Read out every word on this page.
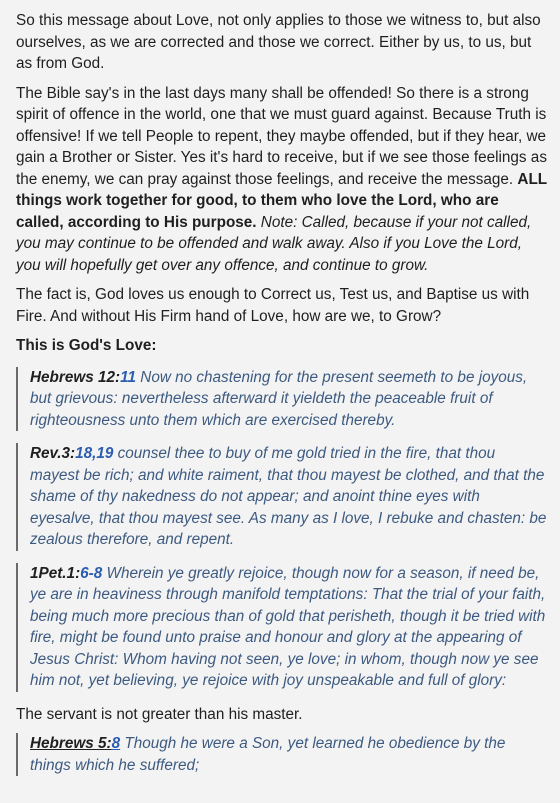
So this message about Love, not only applies to those we witness to, but also ourselves, as we are corrected and those we correct. Either by us, to us, but as from God.

The Bible say's in the last days many shall be offended! So there is a strong spirit of offence in the world, one that we must guard against. Because Truth is offensive! If we tell People to repent, they maybe offended, but if they hear, we gain a Brother or Sister. Yes it's hard to receive, but if we see those feelings as the enemy, we can pray against those feelings, and receive the message. ALL things work together for good, to them who love the Lord, who are called, according to His purpose. Note: Called, because if your not called, you may continue to be offended and walk away. Also if you Love the Lord, you will hopefully get over any offence, and continue to grow.

The fact is, God loves us enough to Correct us, Test us, and Baptise us with Fire. And without His Firm hand of Love, how are we, to Grow?

This is God's Love:

Hebrews 12:11 Now no chastening for the present seemeth to be joyous, but grievous: nevertheless afterward it yieldeth the peaceable fruit of righteousness unto them which are exercised thereby.
Rev.3:18,19 counsel thee to buy of me gold tried in the fire, that thou mayest be rich; and white raiment, that thou mayest be clothed, and that the shame of thy nakedness do not appear; and anoint thine eyes with eyesalve, that thou mayest see. As many as I love, I rebuke and chasten: be zealous therefore, and repent.
1Pet.1:6-8 Wherein ye greatly rejoice, though now for a season, if need be, ye are in heaviness through manifold temptations: That the trial of your faith, being much more precious than of gold that perisheth, though it be tried with fire, might be found unto praise and honour and glory at the appearing of Jesus Christ: Whom having not seen, ye love; in whom, though now ye see him not, yet believing, ye rejoice with joy unspeakable and full of glory:

The servant is not greater than his master.

Hebrews 5:8 Though he were a Son, yet learned he obedience by the things which he suffered;
